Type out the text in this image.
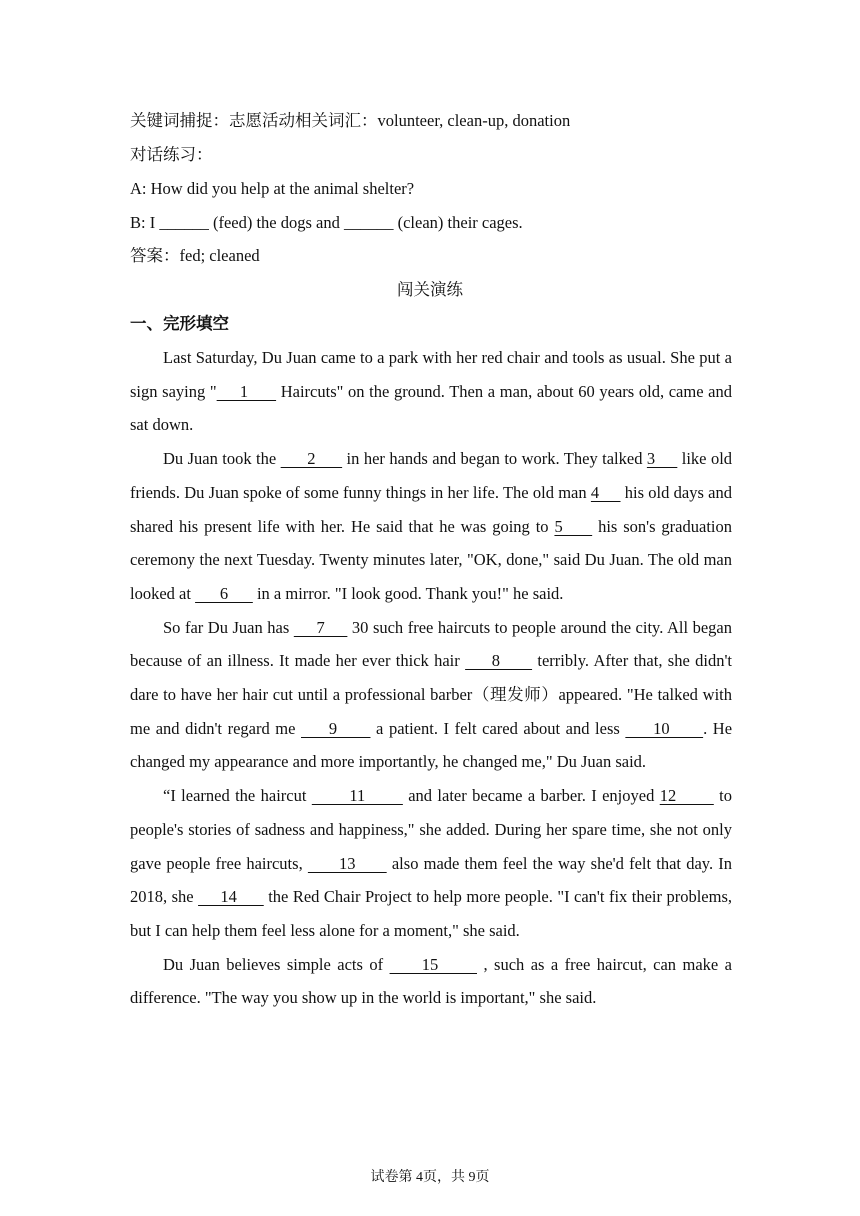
关键词捕捉：志愿活动相关词汇：volunteer, clean-up, donation
对话练习：
A: How did you help at the animal shelter?
B: I ______ (feed) the dogs and ______ (clean) their cages.
答案：fed; cleaned
闯关演练
一、完形填空

Last Saturday, Du Juan came to a park with her red chair and tools as usual. She put a sign saying "     1       Haircuts" on the ground. Then a man, about 60 years old, came and sat down.

Du Juan took the       2       in her hands and began to work. They talked 3      like old friends. Du Juan spoke of some funny things in her life. The old man 4      his old days and shared his present life with her. He said that he was going to 5      his son's graduation ceremony the next Tuesday. Twenty minutes later, "OK, done," said Du Juan. The old man looked at       6       in a mirror. "I look good. Thank you!" he said.

So far Du Juan has      7      30 such free haircuts to people around the city. All began because of an illness. It made her ever thick hair      8       terribly. After that, she didn't dare to have her hair cut until a professional barber（理发师）appeared. "He talked with me and didn't regard me      9       a patient. I felt cared about and less      10      . He changed my appearance and more importantly, he changed me," Du Juan said.

“I learned the haircut        11        and later became a barber. I enjoyed 12        to people's stories of sadness and happiness," she added. During her spare time, she not only gave people free haircuts,       13       also made them feel the way she'd felt that day. In 2018, she      14       the Red Chair Project to help more people. "I can't fix their problems, but I can help them feel less alone for a moment," she said.

Du Juan believes simple acts of      15       , such as a free haircut, can make a difference. "The way you show up in the world is important," she said.

试卷第 4页，共 9页
